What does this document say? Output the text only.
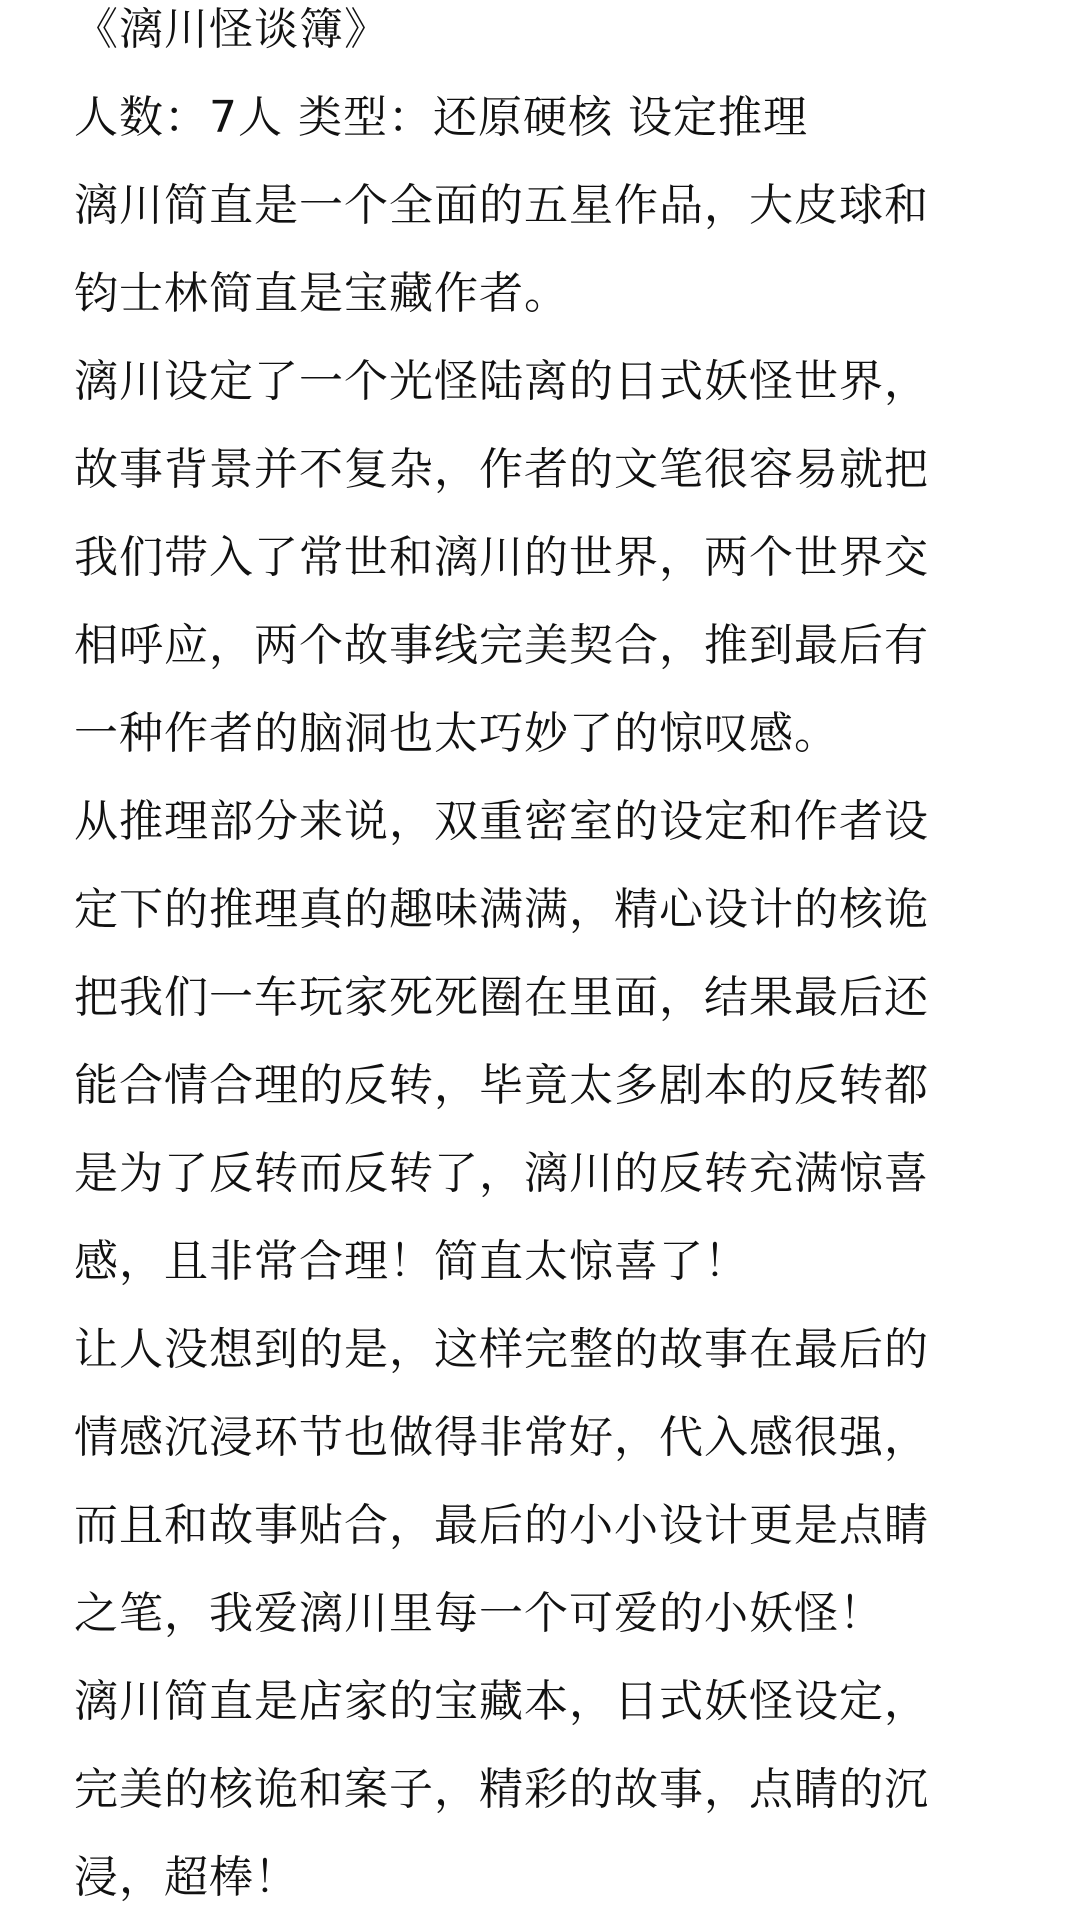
《漓川怪谈簿》
人数：7人 类型：还原硬核 设定推理
漓川简直是一个全面的五星作品，大皮球和
钧士林简直是宝藏作者。
漓川设定了一个光怪陆离的日式妖怪世界，
故事背景并不复杂，作者的文笔很容易就把
我们带入了常世和漓川的世界，两个世界交
相呼应，两个故事线完美契合，推到最后有
一种作者的脑洞也太巧妙了的惊叹感。
从推理部分来说，双重密室的设定和作者设
定下的推理真的趣味满满，精心设计的核诡
把我们一车玩家死死圈在里面，结果最后还
能合情合理的反转，毕竟太多剧本的反转都
是为了反转而反转了，漓川的反转充满惊喜
感，且非常合理！简直太惊喜了！
让人没想到的是，这样完整的故事在最后的
情感沉浸环节也做得非常好，代入感很强，
而且和故事贴合，最后的小小设计更是点睛
之笔，我爱漓川里每一个可爱的小妖怪！
漓川简直是店家的宝藏本，日式妖怪设定，
完美的核诡和案子，精彩的故事，点睛的沉
浸，超棒！
